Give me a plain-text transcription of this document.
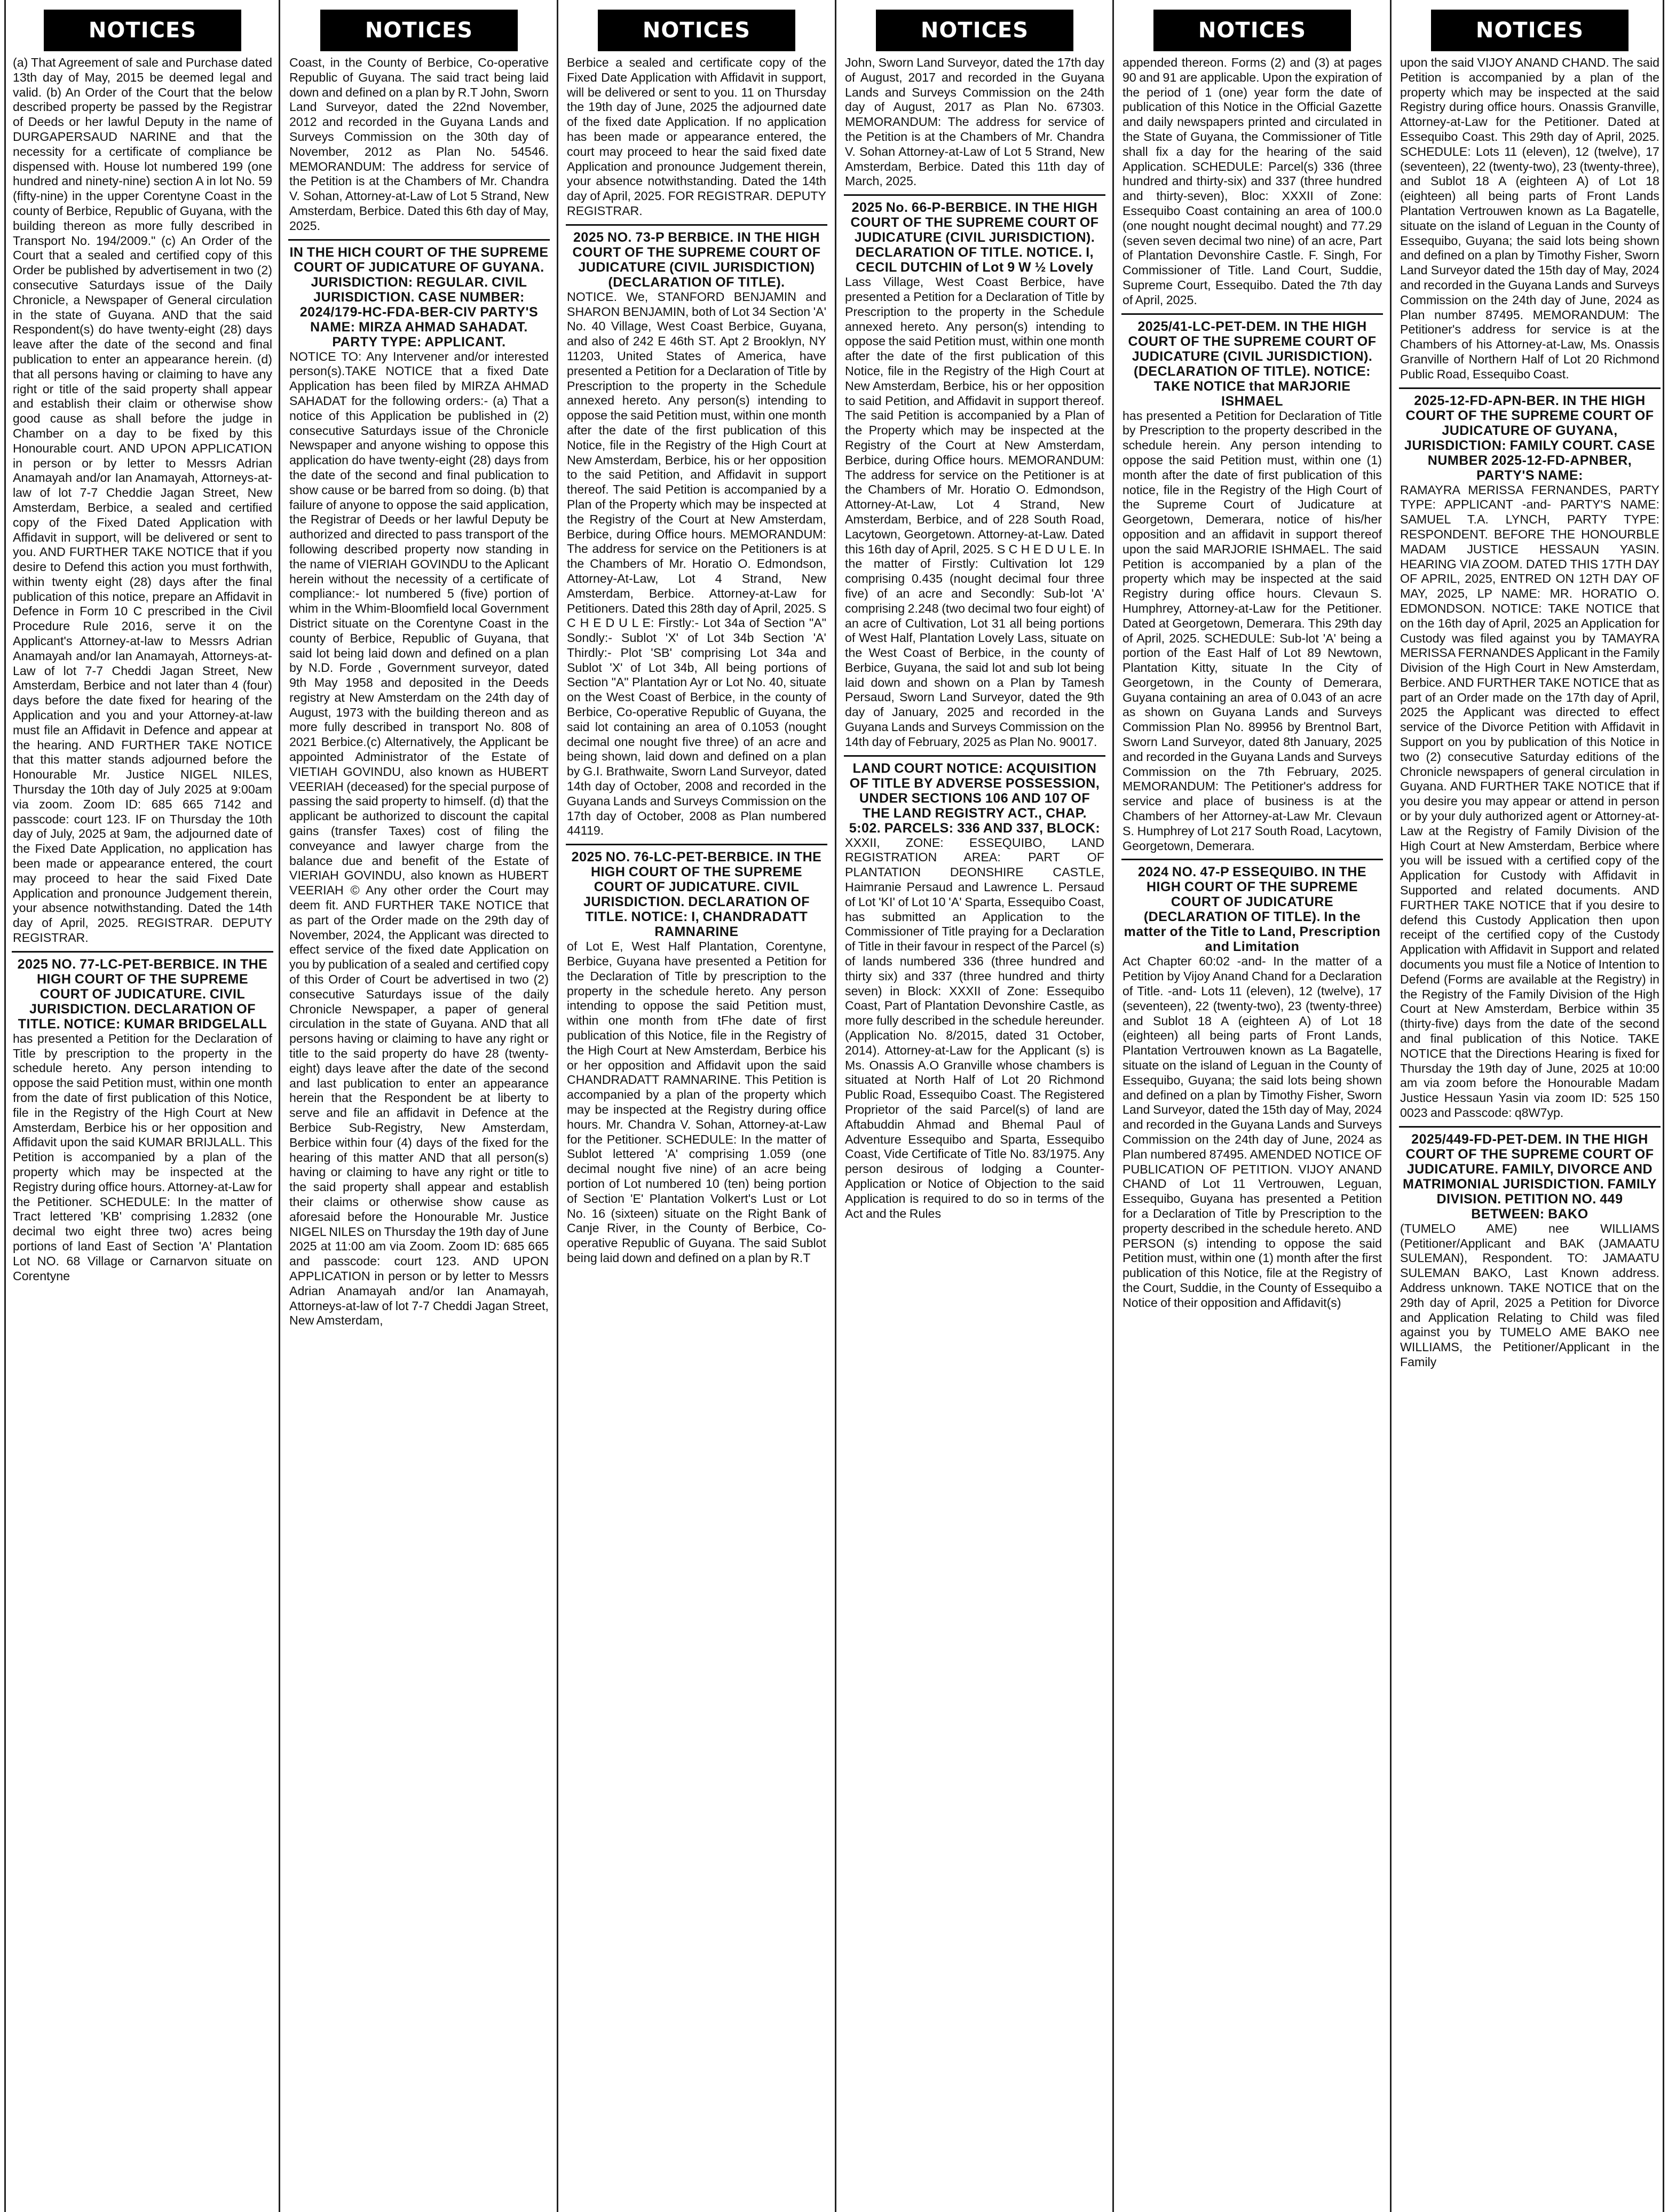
NOTICES
(a) That Agreement of sale and Purchase dated 13th day of May, 2015 be deemed legal and valid. (b) An Order of the Court that the below described property be passed by the Registrar of Deeds or her lawful Deputy in the name of DURGAPERSAUD NARINE and that the necessity for a certificate of compliance be dispensed with. House lot numbered 199 (one hundred and ninety-nine) section A in lot No. 59 (fifty-nine) in the upper Corentyne Coast in the county of Berbice, Republic of Guyana, with the building thereon as more fully described in Transport No. 194/2009." (c) An Order of the Court that a sealed and certified copy of this Order be published by advertisement in two (2) consecutive Saturdays issue of the Daily Chronicle, a Newspaper of General circulation in the state of Guyana. AND that the said Respondent(s) do have twenty-eight (28) days leave after the date of the second and final publication to enter an appearance herein. (d) that all persons having or claiming to have any right or title of the said property shall appear and establish their claim or otherwise show good cause as shall before the judge in Chamber on a day to be fixed by this Honourable court. AND UPON APPLICATION in person or by letter to Messrs Adrian Anamayah and/or Ian Anamayah, Attorneys-at-law of lot 7-7 Cheddie Jagan Street, New Amsterdam, Berbice, a sealed and certified copy of the Fixed Dated Application with Affidavit in support, will be delivered or sent to you. AND FURTHER TAKE NOTICE that if you desire to Defend this action you must forthwith, within twenty eight (28) days after the final publication of this notice, prepare an Affidavit in Defence in Form 10 C prescribed in the Civil Procedure Rule 2016, serve it on the Applicant's Attorney-at-law to Messrs Adrian Anamayah and/or Ian Anamayah, Attorneys-at-Law of lot 7-7 Cheddi Jagan Street, New Amsterdam, Berbice and not later than 4 (four) days before the date fixed for hearing of the Application and you and your Attorney-at-law must file an Affidavit in Defence and appear at the hearing. AND FURTHER TAKE NOTICE that this matter stands adjourned before the Honourable Mr. Justice NIGEL NILES, Thursday the 10th day of July 2025 at 9:00am via zoom. Zoom ID: 685 665 7142 and passcode: court 123. IF on Thursday the 10th day of July, 2025 at 9am, the adjourned date of the Fixed Date Application, no application has been made or appearance entered, the court may proceed to hear the said Fixed Date Application and pronounce Judgement therein, your absence notwithstanding. Dated the 14th day of April, 2025. REGISTRAR. DEPUTY REGISTRAR.
2025 NO. 77-LC-PET-BERBICE. IN THE HIGH COURT OF THE SUPREME COURT OF JUDICATURE. CIVIL JURISDICTION. DECLARATION OF TITLE. NOTICE: KUMAR BRIDGELALL
has presented a Petition for the Declaration of Title by prescription to the property in the schedule hereto. Any person intending to oppose the said Petition must, within one month from the date of first publication of this Notice, file in the Registry of the High Court at New Amsterdam, Berbice his or her opposition and Affidavit upon the said KUMAR BRIJLALL. This Petition is accompanied by a plan of the property which may be inspected at the Registry during office hours. Attorney-at-Law for the Petitioner. SCHEDULE: In the matter of Tract lettered 'KB' comprising 1.2832 (one decimal two eight three two) acres being portions of land East of Section 'A' Plantation Lot NO. 68 Village or Carnarvon situate on Corentyne
NOTICES
Coast, in the County of Berbice, Co-operative Republic of Guyana. The said tract being laid down and defined on a plan by R.T John, Sworn Land Surveyor, dated the 22nd November, 2012 and recorded in the Guyana Lands and Surveys Commission on the 30th day of November, 2012 as Plan No. 54546. MEMORANDUM: The address for service of the Petition is at the Chambers of Mr. Chandra V. Sohan, Attorney-at-Law of Lot 5 Strand, New Amsterdam, Berbice. Dated this 6th day of May, 2025.
IN THE HICH COURT OF THE SUPREME COURT OF JUDICATURE OF GUYANA. JURISDICTION: REGULAR. CIVIL JURISDICTION. CASE NUMBER: 2024/179-HC-FDA-BER-CIV PARTY'S NAME: MIRZA AHMAD SAHADAT. PARTY TYPE: APPLICANT.
NOTICE TO: Any Intervener and/or interested person(s).TAKE NOTICE that a fixed Date Application has been filed by MIRZA AHMAD SAHADAT for the following orders:- (a) That a notice of this Application be published in (2) consecutive Saturdays issue of the Chronicle Newspaper and anyone wishing to oppose this application do have twenty-eight (28) days from the date of the second and final publication to show cause or be barred from so doing. (b) that failure of anyone to oppose the said application, the Registrar of Deeds or her lawful Deputy be authorized and directed to pass transport of the following described property now standing in the name of VIERIAH GOVINDU to the Aplicant herein without the necessity of a certificate of compliance:- lot numbered 5 (five) portion of whim in the Whim-Bloomfield local Government District situate on the Corentyne Coast in the county of Berbice, Republic of Guyana, that said lot being laid down and defined on a plan by N.D. Forde , Government surveyor, dated 9th May 1958 and deposited in the Deeds registry at New Amsterdam on the 24th day of August, 1973 with the building thereon and as more fully described in transport No. 808 of 2021 Berbice.(c) Alternatively, the Applicant be appointed Administrator of the Estate of VIETIAH GOVINDU, also known as HUBERT VEERIAH (deceased) for the special purpose of passing the said property to himself. (d) that the applicant be authorized to discount the capital gains (transfer Taxes) cost of filing the conveyance and lawyer charge from the balance due and benefit of the Estate of VIERIAH GOVINDU, also known as HUBERT VEERIAH © Any other order the Court may deem fit. AND FURTHER TAKE NOTICE that as part of the Order made on the 29th day of November, 2024, the Applicant was directed to effect service of the fixed date Application on you by publication of a sealed and certified copy of this Order of Court be advertised in two (2) consecutive Saturdays issue of the daily Chronicle Newspaper, a paper of general circulation in the state of Guyana. AND that all persons having or claiming to have any right or title to the said property do have 28 (twenty-eight) days leave after the date of the second and last publication to enter an appearance herein that the Respondent be at liberty to serve and file an affidavit in Defence at the Berbice Sub-Registry, New Amsterdam, Berbice within four (4) days of the fixed for the hearing of this matter AND that all person(s) having or claiming to have any right or title to the said property shall appear and establish their claims or otherwise show cause as aforesaid before the Honourable Mr. Justice NIGEL NILES on Thursday the 19th day of June 2025 at 11:00 am via Zoom. Zoom ID: 685 665 and passcode: court 123. AND UPON APPLICATION in person or by letter to Messrs Adrian Anamayah and/or Ian Anamayah, Attorneys-at-law of lot 7-7 Cheddi Jagan Street, New Amsterdam,
NOTICES
Berbice a sealed and certificate copy of the Fixed Date Application with Affidavit in support, will be delivered or sent to you. 11 on Thursday the 19th day of June, 2025 the adjourned date of the fixed date Application. If no application has been made or appearance entered, the court may proceed to hear the said fixed date Application and pronounce Judgement therein, your absence notwithstanding. Dated the 14th day of April, 2025. FOR REGISTRAR. DEPUTY REGISTRAR.
2025 NO. 73-P BERBICE. IN THE HIGH COURT OF THE SUPREME COURT OF JUDICATURE (CIVIL JURISDICTION) (DECLARATION OF TITLE).
NOTICE. We, STANFORD BENJAMIN and SHARON BENJAMIN, both of Lot 34 Section 'A' No. 40 Village, West Coast Berbice, Guyana, and also of 242 E 46th ST. Apt 2 Brooklyn, NY 11203, United States of America, have presented a Petition for a Declaration of Title by Prescription to the property in the Schedule annexed hereto. Any person(s) intending to oppose the said Petition must, within one month after the date of the first publication of this Notice, file in the Registry of the High Court at New Amsterdam, Berbice, his or her opposition to the said Petition, and Affidavit in support thereof. The said Petition is accompanied by a Plan of the Property which may be inspected at the Registry of the Court at New Amsterdam, Berbice, during Office hours. MEMORANDUM: The address for service on the Petitioners is at the Chambers of Mr. Horatio O. Edmondson, Attorney-At-Law, Lot 4 Strand, New Amsterdam, Berbice. Attorney-at-Law for Petitioners. Dated this 28th day of April, 2025. S C H E D U L E: Firstly:- Lot 34a of Section "A" Sondly:- Sublot 'X' of Lot 34b Section 'A' Thirdly:- Plot 'SB' comprising Lot 34a and Sublot 'X' of Lot 34b, All being portions of Section "A" Plantation Ayr or Lot No. 40, situate on the West Coast of Berbice, in the county of Berbice, Co-operative Republic of Guyana, the said lot containing an area of 0.1053 (nought decimal one nought five three) of an acre and being shown, laid down and defined on a plan by G.I. Brathwaite, Sworn Land Surveyor, dated 14th day of October, 2008 and recorded in the Guyana Lands and Surveys Commission on the 17th day of October, 2008 as Plan numbered 44119.
2025 NO. 76-LC-PET-BERBICE. IN THE HIGH COURT OF THE SUPREME COURT OF JUDICATURE. CIVIL JURISDICTION. DECLARATION OF TITLE. NOTICE: I, CHANDRADATT RAMNARINE
of Lot E, West Half Plantation, Corentyne, Berbice, Guyana have presented a Petition for the Declaration of Title by prescription to the property in the schedule hereto. Any person intending to oppose the said Petition must, within one month from tFhe date of first publication of this Notice, file in the Registry of the High Court at New Amsterdam, Berbice his or her opposition and Affidavit upon the said CHANDRADATT RAMNARINE. This Petition is accompanied by a plan of the property which may be inspected at the Registry during office hours. Mr. Chandra V. Sohan, Attorney-at-Law for the Petitioner. SCHEDULE: In the matter of Sublot lettered 'A' comprising 1.059 (one decimal nought five nine) of an acre being portion of Lot numbered 10 (ten) being portion of Section 'E' Plantation Volkert's Lust or Lot No. 16 (sixteen) situate on the Right Bank of Canje River, in the County of Berbice, Co-operative Republic of Guyana. The said Sublot being laid down and defined on a plan by R.T
NOTICES
John, Sworn Land Surveyor, dated the 17th day of August, 2017 and recorded in the Guyana Lands and Surveys Commission on the 24th day of August, 2017 as Plan No. 67303. MEMORANDUM: The address for service of the Petition is at the Chambers of Mr. Chandra V. Sohan Attorney-at-Law of Lot 5 Strand, New Amsterdam, Berbice. Dated this 11th day of March, 2025.
2025 No. 66-P-BERBICE. IN THE HIGH COURT OF THE SUPREME COURT OF JUDICATURE (CIVIL JURISDICTION). DECLARATION OF TITLE. NOTICE. I, CECIL DUTCHIN of Lot 9 W ½ Lovely
Lass Village, West Coast Berbice, have presented a Petition for a Declaration of Title by Prescription to the property in the Schedule annexed hereto. Any person(s) intending to oppose the said Petition must, within one month after the date of the first publication of this Notice, file in the Registry of the High Court at New Amsterdam, Berbice, his or her opposition to said Petition, and Affidavit in support thereof. The said Petition is accompanied by a Plan of the Property which may be inspected at the Registry of the Court at New Amsterdam, Berbice, during Office hours. MEMORANDUM: The address for service on the Petitioner is at the Chambers of Mr. Horatio O. Edmondson, Attorney-At-Law, Lot 4 Strand, New Amsterdam, Berbice, and of 228 South Road, Lacytown, Georgetown. Attorney-at-Law. Dated this 16th day of April, 2025. S C H E D U L E. In the matter of Firstly: Cultivation lot 129 comprising 0.435 (nought decimal four three five) of an acre and Secondly: Sub-lot 'A' comprising 2.248 (two decimal two four eight) of an acre of Cultivation, Lot 31 all being portions of West Half, Plantation Lovely Lass, situate on the West Coast of Berbice, in the county of Berbice, Guyana, the said lot and sub lot being laid down and shown on a Plan by Tamesh Persaud, Sworn Land Surveyor, dated the 9th day of January, 2025 and recorded in the Guyana Lands and Surveys Commission on the 14th day of February, 2025 as Plan No. 90017.
LAND COURT NOTICE: ACQUISITION OF TITLE BY ADVERSE POSSESSION, UNDER SECTIONS 106 AND 107 OF THE LAND REGISTRY ACT., CHAP. 5:02. PARCELS: 336 AND 337, BLOCK:
XXXII, ZONE: ESSEQUIBO, LAND REGISTRATION AREA: PART OF PLANTATION DEONSHIRE CASTLE, Haimranie Persaud and Lawrence L. Persaud of Lot 'KI' of Lot 10 'A' Sparta, Essequibo Coast, has submitted an Application to the Commissioner of Title praying for a Declaration of Title in their favour in respect of the Parcel (s) of lands numbered 336 (three hundred and thirty six) and 337 (three hundred and thirty seven) in Block: XXXII of Zone: Essequibo Coast, Part of Plantation Devonshire Castle, as more fully described in the schedule hereunder. (Application No. 8/2015, dated 31 October, 2014). Attorney-at-Law for the Applicant (s) is Ms. Onassis A.O Granville whose chambers is situated at North Half of Lot 20 Richmond Public Road, Essequibo Coast. The Registered Proprietor of the said Parcel(s) of land are Aftabuddin Ahmad and Bhemal Paul of Adventure Essequibo and Sparta, Essequibo Coast, Vide Certificate of Title No. 83/1975. Any person desirous of lodging a Counter-Application or Notice of Objection to the said Application is required to do so in terms of the Act and the Rules
NOTICES
appended thereon. Forms (2) and (3) at pages 90 and 91 are applicable. Upon the expiration of the period of 1 (one) year form the date of publication of this Notice in the Official Gazette and daily newspapers printed and circulated in the State of Guyana, the Commissioner of Title shall fix a day for the hearing of the said Application. SCHEDULE: Parcel(s) 336 (three hundred and thirty-six) and 337 (three hundred and thirty-seven), Bloc: XXXII of Zone: Essequibo Coast containing an area of 100.0 (one nought nought decimal nought) and 77.29 (seven seven decimal two nine) of an acre, Part of Plantation Devonshire Castle. F. Singh, For Commissioner of Title. Land Court, Suddie, Supreme Court, Essequibo. Dated the 7th day of April, 2025.
2025/41-LC-PET-DEM. IN THE HIGH COURT OF THE SUPREME COURT OF JUDICATURE (CIVIL JURISDICTION). (DECLARATION OF TITLE). NOTICE: TAKE NOTICE that MARJORIE ISHMAEL
has presented a Petition for Declaration of Title by Prescription to the property described in the schedule herein. Any person intending to oppose the said Petition must, within one (1) month after the date of first publication of this notice, file in the Registry of the High Court of the Supreme Court of Judicature at Georgetown, Demerara, notice of his/her opposition and an affidavit in support thereof upon the said MARJORIE ISHMAEL. The said Petition is accompanied by a plan of the property which may be inspected at the said Registry during office hours. Clevaun S. Humphrey, Attorney-at-Law for the Petitioner. Dated at Georgetown, Demerara. This 29th day of April, 2025. SCHEDULE: Sub-lot 'A' being a portion of the East Half of Lot 89 Newtown, Plantation Kitty, situate In the City of Georgetown, in the County of Demerara, Guyana containing an area of 0.043 of an acre as shown on Guyana Lands and Surveys Commission Plan No. 89956 by Brentnol Bart, Sworn Land Surveyor, dated 8th January, 2025 and recorded in the Guyana Lands and Surveys Commission on the 7th February, 2025. MEMORANDUM: The Petitioner's address for service and place of business is at the Chambers of her Attorney-at-Law Mr. Clevaun S. Humphrey of Lot 217 South Road, Lacytown, Georgetown, Demerara.
2024 NO. 47-P ESSEQUIBO. IN THE HIGH COURT OF THE SUPREME COURT OF JUDICATURE (DECLARATION OF TITLE). In the matter of the Title to Land, Prescription and Limitation
Act Chapter 60:02 -and- In the matter of a Petition by Vijoy Anand Chand for a Declaration of Title. -and- Lots 11 (eleven), 12 (twelve), 17 (seventeen), 22 (twenty-two), 23 (twenty-three) and Sublot 18 A (eighteen A) of Lot 18 (eighteen) all being parts of Front Lands, Plantation Vertrouwen known as La Bagatelle, situate on the island of Leguan in the County of Essequibo, Guyana; the said lots being shown and defined on a plan by Timothy Fisher, Sworn Land Surveyor, dated the 15th day of May, 2024 and recorded in the Guyana Lands and Surveys Commission on the 24th day of June, 2024 as Plan numbered 87495. AMENDED NOTICE OF PUBLICATION OF PETITION. VIJOY ANAND CHAND of Lot 11 Vertrouwen, Leguan, Essequibo, Guyana has presented a Petition for a Declaration of Title by Prescription to the property described in the schedule hereto. AND PERSON (s) intending to oppose the said Petition must, within one (1) month after the first publication of this Notice, file at the Registry of the Court, Suddie, in the County of Essequibo a Notice of their opposition and Affidavit(s)
NOTICES
upon the said VIJOY ANAND CHAND. The said Petition is accompanied by a plan of the property which may be inspected at the said Registry during office hours. Onassis Granville, Attorney-at-Law for the Petitioner. Dated at Essequibo Coast. This 29th day of April, 2025. SCHEDULE: Lots 11 (eleven), 12 (twelve), 17 (seventeen), 22 (twenty-two), 23 (twenty-three), and Sublot 18 A (eighteen A) of Lot 18 (eighteen) all being parts of Front Lands Plantation Vertrouwen known as La Bagatelle, situate on the island of Leguan in the County of Essequibo, Guyana; the said lots being shown and defined on a plan by Timothy Fisher, Sworn Land Surveyor dated the 15th day of May, 2024 and recorded in the Guyana Lands and Surveys Commission on the 24th day of June, 2024 as Plan number 87495. MEMORANDUM: The Petitioner's address for service is at the Chambers of his Attorney-at-Law, Ms. Onassis Granville of Northern Half of Lot 20 Richmond Public Road, Essequibo Coast.
2025-12-FD-APN-BER. IN THE HIGH COURT OF THE SUPREME COURT OF JUDICATURE OF GUYANA, JURISDICTION: FAMILY COURT. CASE NUMBER 2025-12-FD-APNBER, PARTY'S NAME:
RAMAYRA MERISSA FERNANDES, PARTY TYPE: APPLICANT -and- PARTY'S NAME: SAMUEL T.A. LYNCH, PARTY TYPE: RESPONDENT. BEFORE THE HONOURBLE MADAM JUSTICE HESSAUN YASIN. HEARING VIA ZOOM. DATED THIS 17TH DAY OF APRIL, 2025, ENTRED ON 12TH DAY OF MAY, 2025, LP NAME: MR. HORATIO O. EDMONDSON. NOTICE: TAKE NOTICE that on the 16th day of April, 2025 an Application for Custody was filed against you by TAMAYRA MERISSA FERNANDES Applicant in the Family Division of the High Court in New Amsterdam, Berbice. AND FURTHER TAKE NOTICE that as part of an Order made on the 17th day of April, 2025 the Applicant was directed to effect service of the Divorce Petition with Affidavit in Support on you by publication of this Notice in two (2) consecutive Saturday editions of the Chronicle newspapers of general circulation in Guyana. AND FURTHER TAKE NOTICE that if you desire you may appear or attend in person or by your duly authorized agent or Attorney-at-Law at the Registry of Family Division of the High Court at New Amsterdam, Berbice where you will be issued with a certified copy of the Application for Custody with Affidavit in Supported and related documents. AND FURTHER TAKE NOTICE that if you desire to defend this Custody Application then upon receipt of the certified copy of the Custody Application with Affidavit in Support and related documents you must file a Notice of Intention to Defend (Forms are available at the Registry) in the Registry of the Family Division of the High Court at New Amsterdam, Berbice within 35 (thirty-five) days from the date of the second and final publication of this Notice. TAKE NOTICE that the Directions Hearing is fixed for Thursday the 19th day of June, 2025 at 10:00 am via zoom before the Honourable Madam Justice Hessaun Yasin via zoom ID: 525 150 0023 and Passcode: q8W7yp.
2025/449-FD-PET-DEM. IN THE HIGH COURT OF THE SUPREME COURT OF JUDICATURE. FAMILY, DIVORCE AND MATRIMONIAL JURISDICTION. FAMILY DIVISION. PETITION NO. 449 BETWEEN: BAKO
(TUMELO AME) nee WILLIAMS (Petitioner/Applicant and BAK (JAMAATU SULEMAN), Respondent. TO: JAMAATU SULEMAN BAKO, Last Known address. Address unknown. TAKE NOTICE that on the 29th day of April, 2025 a Petition for Divorce and Application Relating to Child was filed against you by TUMELO AME BAKO nee WILLIAMS, the Petitioner/Applicant in the Family
